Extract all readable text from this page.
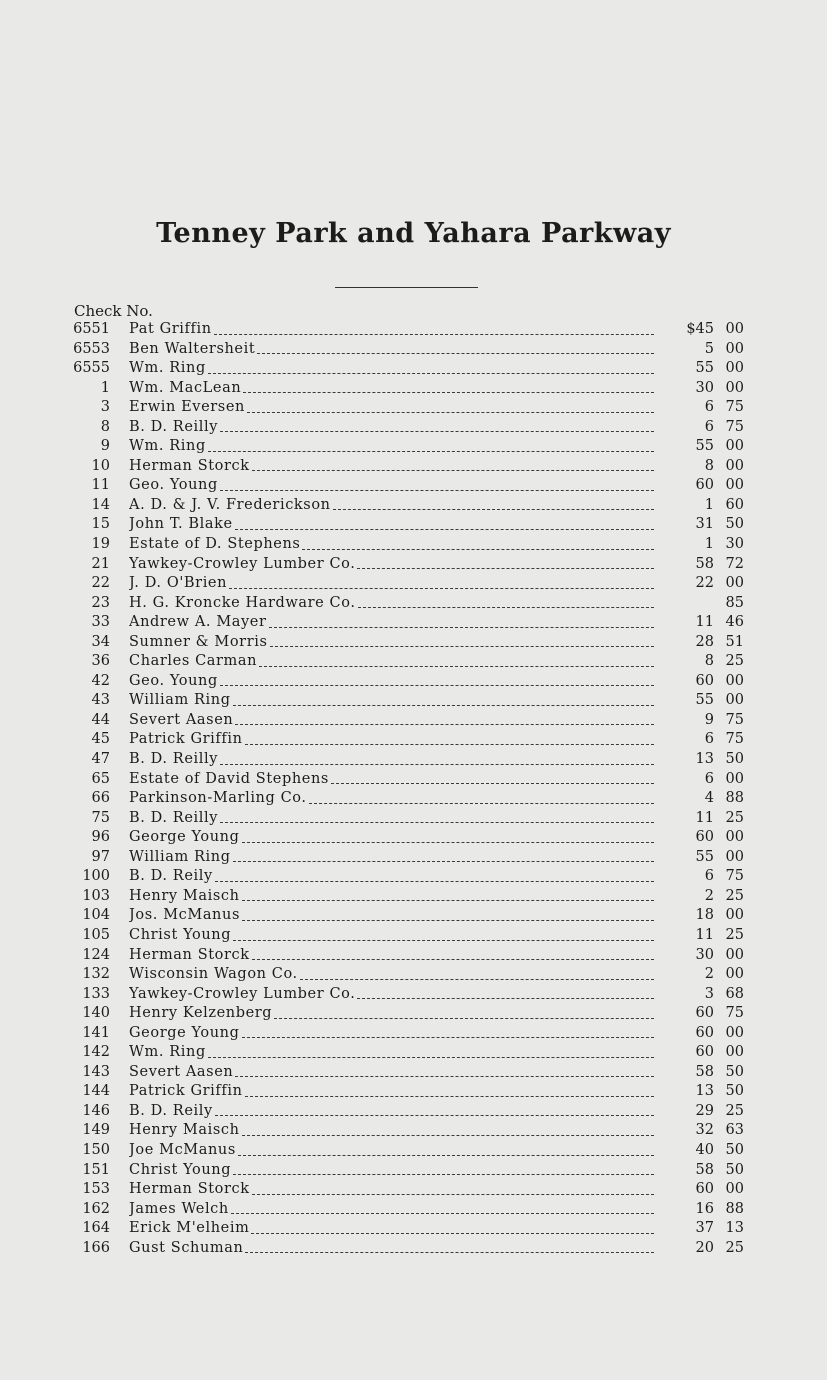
Tenney Park and Yahara Parkway
Check No.
6551 Pat Griffin	$45 00
6553 Ben Waltersheit	5 00
6555 Wm. Ring	55 00
1 Wm. MacLean	30 00
3 Erwin Eversen	6 75
8 B. D. Reilly	6 75
9 Wm. Ring	55 00
10 Herman Storck	8 00
11 Geo. Young	60 00
14 A. D. & J. V. Frederickson	1 60
15 John T. Blake	31 50
19 Estate of D. Stephens	1 30
21 Yawkey-Crowley Lumber Co.	58 72
22 J. D. O'Brien	22 00
23 H. G. Kroncke Hardware Co.	85
33 Andrew A. Mayer	11 46
34 Sumner & Morris	28 51
36 Charles Carman	8 25
42 Geo. Young	60 00
43 William Ring	55 00
44 Severt Aasen	9 75
45 Patrick Griffin	6 75
47 B. D. Reilly	13 50
65 Estate of David Stephens	6 00
66 Parkinson-Marling Co.	4 88
75 B. D. Reilly	11 25
96 George Young	60 00
97 William Ring	55 00
100 B. D. Reily	6 75
103 Henry Maisch	2 25
104 Jos. McManus	18 00
105 Christ Young	11 25
124 Herman Storck	30 00
132 Wisconsin Wagon Co.	2 00
133 Yawkey-Crowley Lumber Co.	3 68
140 Henry Kelzenberg	60 75
141 George Young	60 00
142 Wm. Ring	60 00
143 Severt Aasen	58 50
144 Patrick Griffin	13 50
146 B. D. Reily	29 25
149 Henry Maisch	32 63
150 Joe McManus	40 50
151 Christ Young	58 50
153 Herman Storck	60 00
162 James Welch	16 88
164 Erick M'elheim	37 13
166 Gust Schuman	20 25
